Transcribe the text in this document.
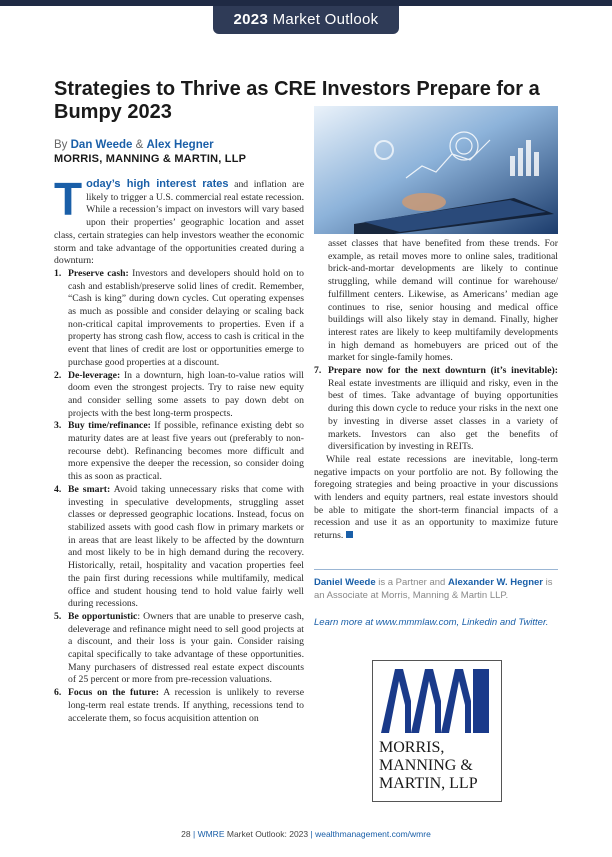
2023 Market Outlook
Strategies to Thrive as CRE Investors Prepare for a Bumpy 2023
By Dan Weede & Alex Hegner
MORRIS, MANNING & MARTIN, LLP

Today’s high interest rates and inflation are likely to trigger a U.S. commercial real estate recession. While a recession’s impact on investors will vary based upon their properties’ geographic location and asset class, certain strategies can help investors weather the economic storm and take advantage of the opportunities created during a downturn:

1. Preserve cash: Investors and developers should hold on to cash and establish/preserve solid lines of credit. Remember, “Cash is king” during down cycles. Cut operating expenses as much as possible and consider delaying or scaling back non-critical capital improvements to properties. Even if a property has strong cash flow, access to cash is critical in the event that lines of credit are lost or opportunities emerge to purchase good properties at a discount.
2. De-leverage: In a downturn, high loan-to-value ratios will doom even the strongest projects. Try to raise new equity and consider selling some assets to pay down debt on projects with the best long-term prospects.
3. Buy time/refinance: If possible, refinance existing debt so maturity dates are at least five years out (preferably to non-recourse debt). Refinancing becomes more difficult and more expensive the deeper the recession, so consider doing this as soon as practical.
4. Be smart: Avoid taking unnecessary risks that come with investing in speculative developments, struggling asset classes or depressed geographic locations. Instead, focus on stabilized assets with good cash flow in primary markets or in areas that are least likely to be affected by the downturn and most likely to be in high demand during the recovery. Historically, retail, hospitality and vacation properties feel the pain first during recessions while multifamily, medical office and student housing tend to hold value fairly well during recessions.
5. Be opportunistic: Owners that are unable to preserve cash, deleverage and refinance might need to sell good projects at a discount, and their loss is your gain. Consider raising capital specifically to take advantage of these opportunities. Many purchasers of distressed real estate expect discounts of 25 percent or more from pre-recession valuations.
6. Focus on the future: A recession is unlikely to reverse long-term real estate trends. If anything, recessions tend to accelerate them, so focus acquisition attention on

asset classes that have benefited from these trends. For example, as retail moves more to online sales, traditional brick-and-mortar developments are likely to continue struggling, while demand will continue for warehouse/ fulfillment centers. Likewise, as Americans’ median age continues to rise, senior housing and medical office buildings will also likely stay in demand. Finally, higher interest rates are likely to keep multifamily developments in high demand as homebuyers are priced out of the market for single-family homes.

7. Prepare now for the next downturn (it’s inevitable): Real estate investments are illiquid and risky, even in the best of times. Take advantage of buying opportunities during this down cycle to reduce your risks in the next one by investing in diverse asset classes in a variety of markets. Investors can also get the benefits of diversification by investing in REITs.

While real estate recessions are inevitable, long-term negative impacts on your portfolio are not. By following the foregoing strategies and being proactive in your discussions with lenders and equity partners, real estate investors should be able to mitigate the short-term financial impacts of a recession and use it as an opportunity to maximize future returns.

Daniel Weede is a Partner and Alexander W. Hegner is an Associate at Morris, Manning & Martin LLP.
Learn more at www.mmmlaw.com, Linkedin and Twitter.
MORRIS,
MANNING &
MARTIN, LLP
28 | WMRE Market Outlook: 2023 | wealthmanagement.com/wmre
